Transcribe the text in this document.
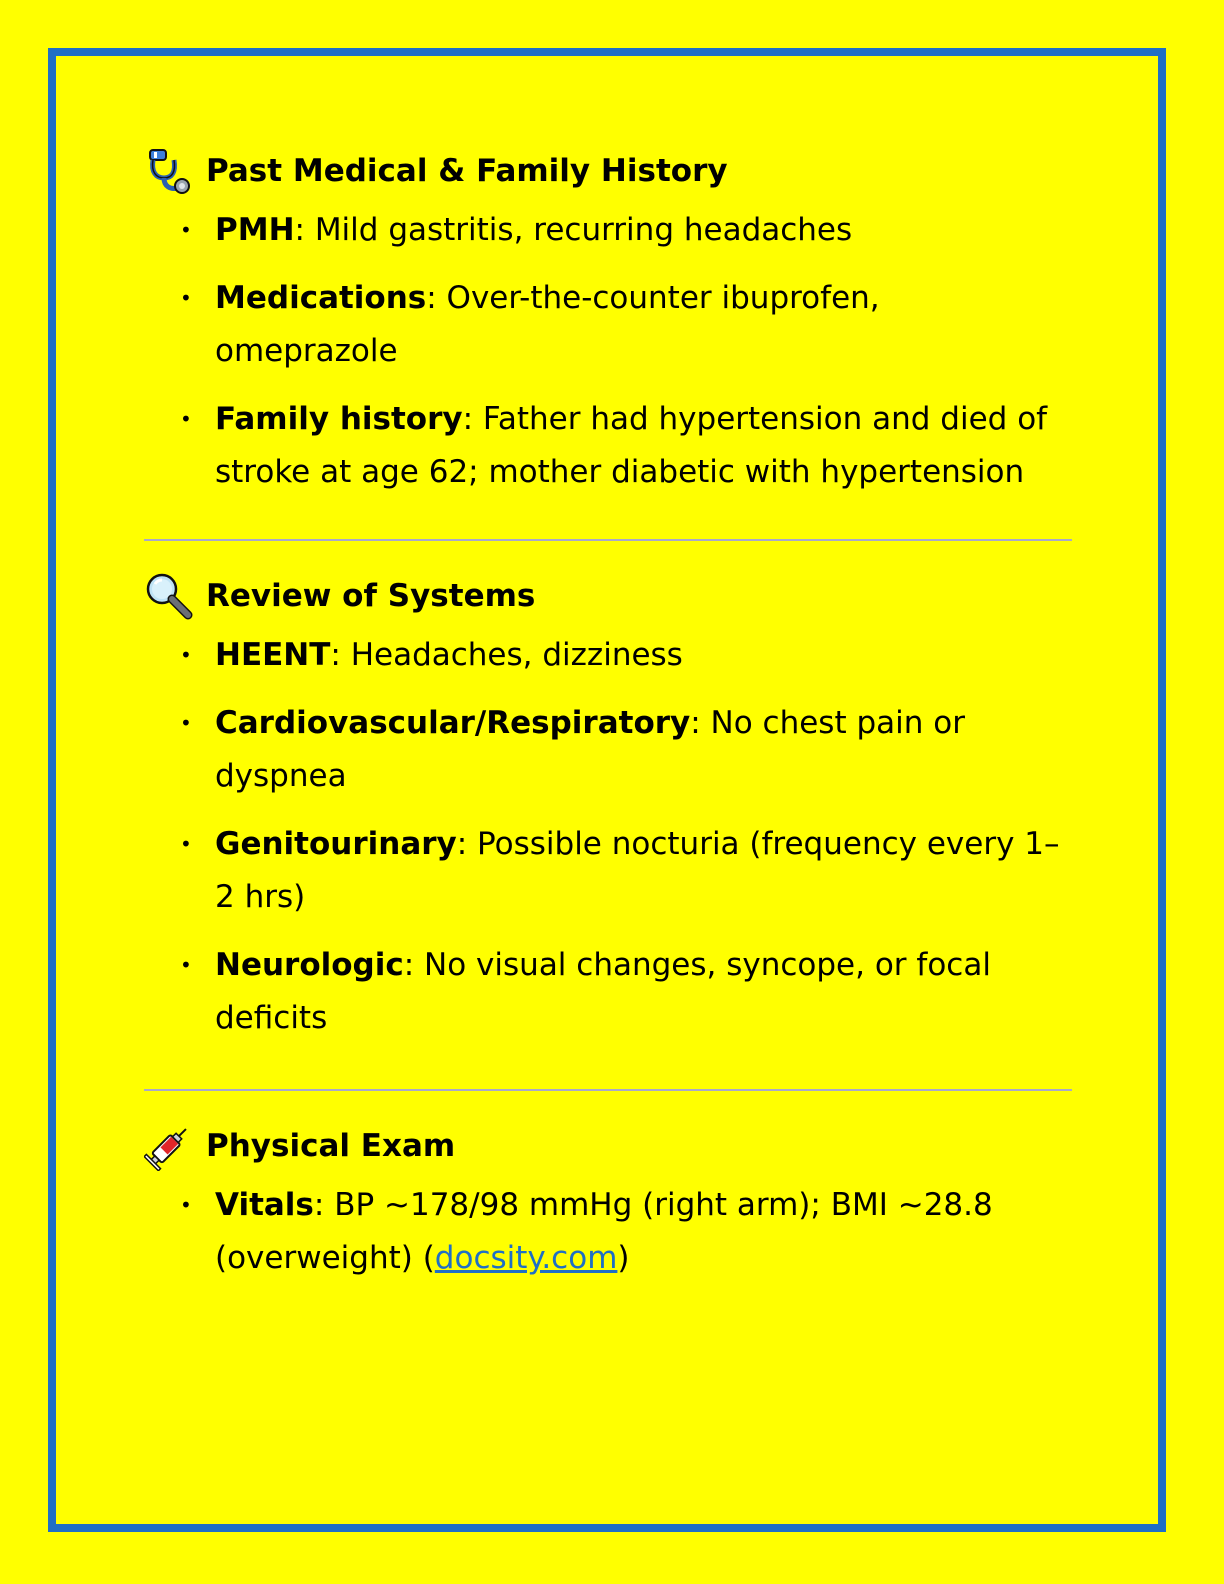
Past Medical & Family History
• PMH: Mild gastritis, recurring headaches
• Medications: Over-the-counter ibuprofen, omeprazole
• Family history: Father had hypertension and died of stroke at age 62; mother diabetic with hypertension
Review of Systems
• HEENT: Headaches, dizziness
• Cardiovascular/Respiratory: No chest pain or dyspnea
• Genitourinary: Possible nocturia (frequency every 1–2 hrs)
• Neurologic: No visual changes, syncope, or focal deficits
Physical Exam
• Vitals: BP ~178/98 mmHg (right arm); BMI ~28.8 (overweight) (docsity.com)
